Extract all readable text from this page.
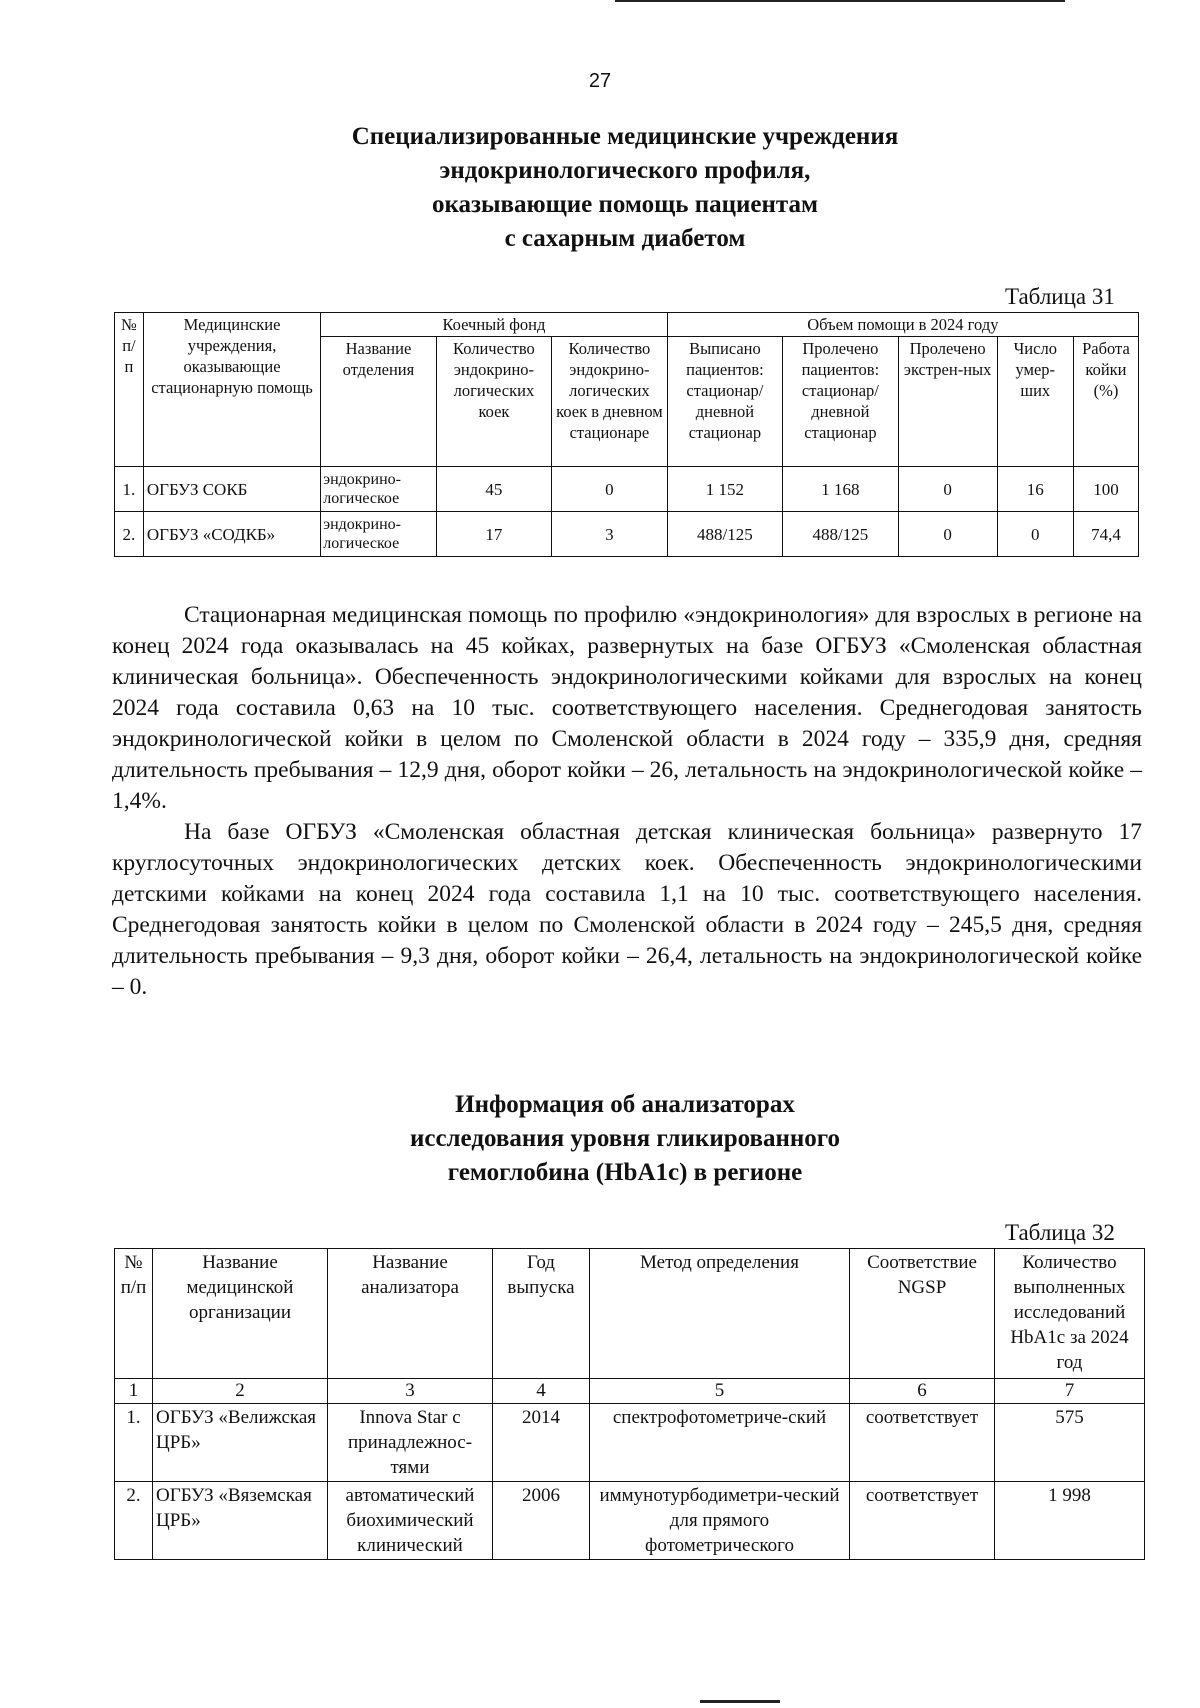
27
Специализированные медицинские учреждения
эндокринологического профиля,
оказывающие помощь пациентам
с сахарным диабетом
Таблица 31
№ п/п	Медицинские учреждения, оказывающие стационарную помощь	Коечный фонд			Объем помощи в 2024 году				
		Название отделения	Количество эндокрино-логических коек	Количество эндокрино-логических коек в дневном стационаре	Выписано пациентов: стационар/ дневной стационар	Пролечено пациентов: стационар/ дневной стационар	Пролечено экстрен-ных	Число умер-ших	Работа койки (%)
1.	ОГБУЗ СОКБ	эндокрино-логическое	45	0	1 152	1 168	0	16	100
2.	ОГБУЗ «СОДКБ»	эндокрино-логическое	17	3	488/125	488/125	0	0	74,4

Стационарная медицинская помощь по профилю «эндокринология» для взрослых в регионе на конец 2024 года оказывалась на 45 койках, развернутых на базе ОГБУЗ «Смоленская областная клиническая больница». Обеспеченность эндокринологическими койками для взрослых на конец 2024 года составила 0,63 на 10 тыс. соответствующего населения. Среднегодовая занятость эндокринологической койки в целом по Смоленской области в 2024 году – 335,9 дня, средняя длительность пребывания – 12,9 дня, оборот койки – 26, летальность на эндокринологической койке – 1,4%.

На базе ОГБУЗ «Смоленская областная детская клиническая больница» развернуто 17 круглосуточных эндокринологических детских коек. Обеспеченность эндокринологическими детскими койками на конец 2024 года составила 1,1 на 10 тыс. соответствующего населения. Среднегодовая занятость койки в целом по Смоленской области в 2024 году – 245,5 дня, средняя длительность пребывания – 9,3 дня, оборот койки – 26,4, летальность на эндокринологической койке – 0.

Информация об анализаторах
исследования уровня гликированного
гемоглобина (HbA1c) в регионе
Таблица 32
№ п/п	Название медицинской организации	Название анализатора	Год выпуска	Метод определения	Соответствие NGSP	Количество выполненных исследований HbA1c за 2024 год
1	2	3	4	5	6	7
1.	ОГБУЗ «Велижская ЦРБ»	Innova Star с принадлежнос-тями	2014	спектрофотометриче-ский	соответствует	575
2.	ОГБУЗ «Вяземская ЦРБ»	автоматический биохимический клинический	2006	иммунотурбодиметри-ческий для прямого фотометрического	соответствует	1 998
